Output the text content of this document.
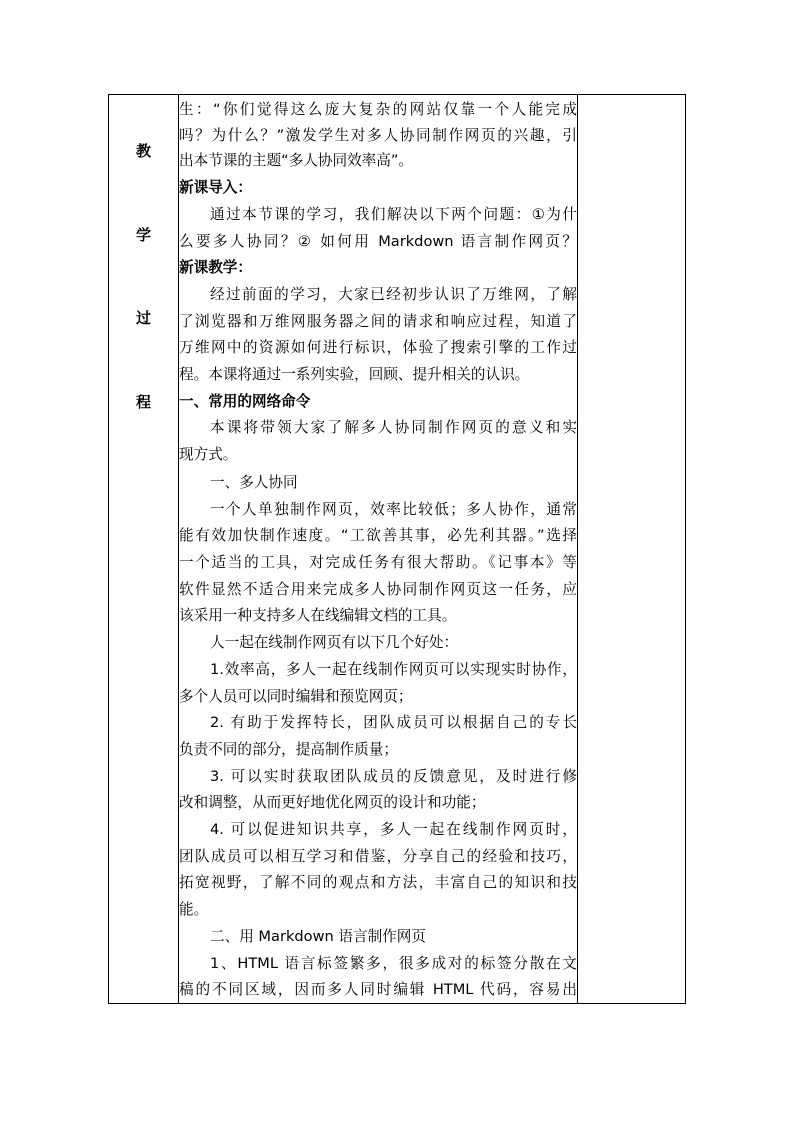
教
学
过
程
生：“你们觉得这么庞大复杂的网站仅靠一个人能完成
吗？为什么？”激发学生对多人协同制作网页的兴趣，引
出本节课的主题“多人协同效率高”。
新课导入：
通过本节课的学习，我们解决以下两个问题：①为什
么要多人协同？② 如何用 Markdown 语言制作网页？
新课教学：
经过前面的学习，大家已经初步认识了万维网，了解
了浏览器和万维网服务器之间的请求和响应过程，知道了
万维网中的资源如何进行标识，体验了搜索引擎的工作过
程。本课将通过一系列实验，回顾、提升相关的认识。
一、常用的网络命令
本课将带领大家了解多人协同制作网页的意义和实
现方式。
一、多人协同
一个人单独制作网页，效率比较低；多人协作，通常
能有效加快制作速度。“工欲善其事，必先利其器。”选择
一个适当的工具，对完成任务有很大帮助。《记事本》等
软件显然不适合用来完成多人协同制作网页这一任务，应
该采用一种支持多人在线编辑文档的工具。
人一起在线制作网页有以下几个好处：
1.效率高，多人一起在线制作网页可以实现实时协作，
多个人员可以同时编辑和预览网页；
2. 有助于发挥特长，团队成员可以根据自己的专长
负责不同的部分，提高制作质量；
3. 可以实时获取团队成员的反馈意见，及时进行修
改和调整，从而更好地优化网页的设计和功能；
4. 可以促进知识共享，多人一起在线制作网页时，
团队成员可以相互学习和借鉴，分享自己的经验和技巧，
拓宽视野，了解不同的观点和方法，丰富自己的知识和技
能。
二、用 Markdown 语言制作网页
1、HTML 语言标签繁多，很多成对的标签分散在文
稿的不同区域，因而多人同时编辑 HTML 代码，容易出
